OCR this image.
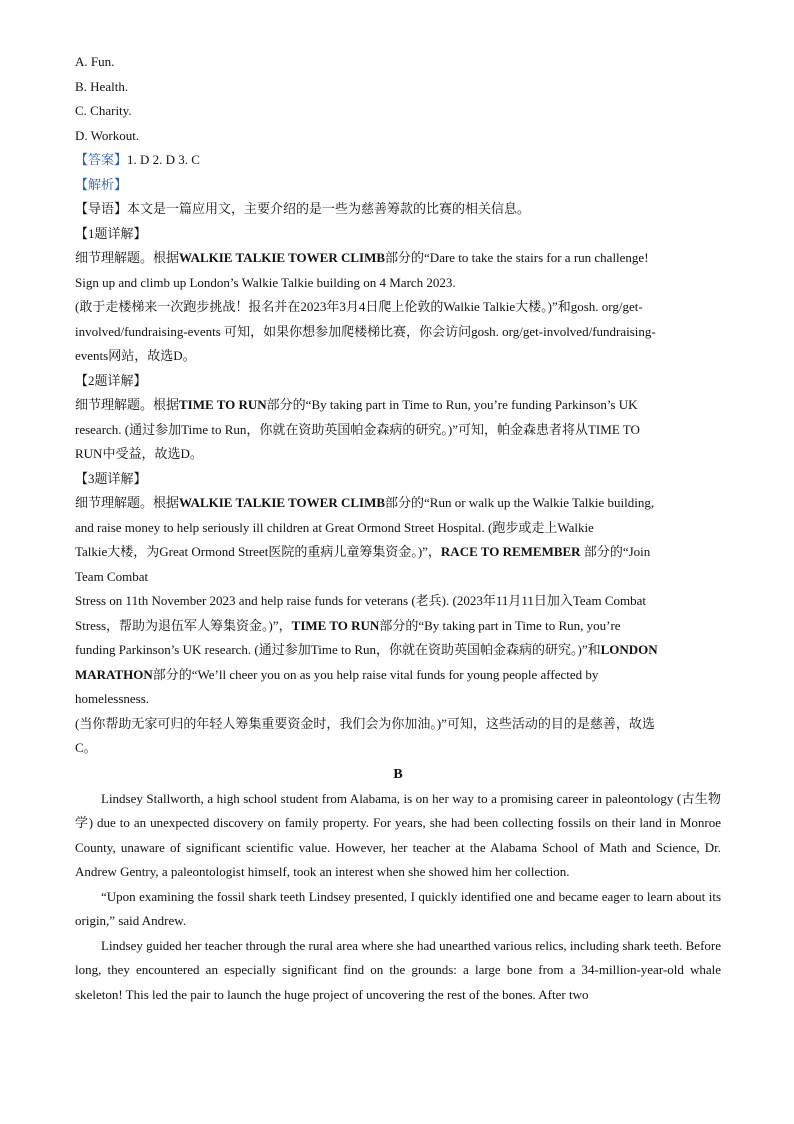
A. Fun.
B. Health.
C. Charity.
D. Workout.
【答案】1. D 2. D 3. C
【解析】
【导语】本文是一篇应用文，主要介绍的是一些为慈善筹款的比赛的相关信息。
【1题详解】
细节理解题。根据WALKIE TALKIE TOWER CLIMB部分的“Dare to take the stairs for a run challenge!
Sign up and climb up London’s Walkie Talkie building on 4 March 2023.
(敢于走楼梯来一次跑步挑战！报名并在2023年3月4日爬上伦敦的Walkie Talkie大楼。)”和gosh. org/get-
involved/fundraising-events 可知，如果你想参加爬楼梯比赛，你会访问gosh. org/get-involved/fundraising-
events网站，故选D。
【2题详解】
细节理解题。根据TIME TO RUN部分的“By taking part in Time to Run, you’re funding Parkinson’s UK
research. (通过参加Time to Run，你就在资助英国帕金森病的研究。)”可知，帕金森患者将从TIME TO
RUN中受益，故选D。
【3题详解】
细节理解题。根据WALKIE TALKIE TOWER CLIMB部分的“Run or walk up the Walkie Talkie building,
and raise money to help seriously ill children at Great Ormond Street Hospital. (跑步或走上Walkie
Talkie大楼，为Great Ormond Street医院的重病儿童筹集资金。)”，RACE TO REMEMBER 部分的“Join
Team Combat
Stress on 11th November 2023 and help raise funds for veterans (老兵). (2023年11月11日加入Team Combat
Stress，帮助为退伍军人筹集资金。)”，TIME TO RUN部分的“By taking part in Time to Run, you’re
funding Parkinson’s UK research. (通过参加Time to Run，你就在资助英国帕金森病的研究。)”和LONDON
MARATHON部分的“We’ll cheer you on as you help raise vital funds for young people affected by
homelessness.
(当你帮助无家可归的年轻人筹集重要资金时，我们会为你加油。)”可知，这些活动的目的是慈善，故选
C。
B
Lindsey Stallworth, a high school student from Alabama, is on her way to a promising career in paleontology (古生物学) due to an unexpected discovery on family property. For years, she had been collecting fossils on their land in Monroe County, unaware of significant scientific value. However, her teacher at the Alabama School of Math and Science, Dr. Andrew Gentry, a paleontologist himself, took an interest when she showed him her collection.
“Upon examining the fossil shark teeth Lindsey presented, I quickly identified one and became eager to learn about its origin,” said Andrew.
Lindsey guided her teacher through the rural area where she had unearthed various relics, including shark teeth. Before long, they encountered an especially significant find on the grounds: a large bone from a 34-million-year-old whale skeleton! This led the pair to launch the huge project of uncovering the rest of the bones. After two
